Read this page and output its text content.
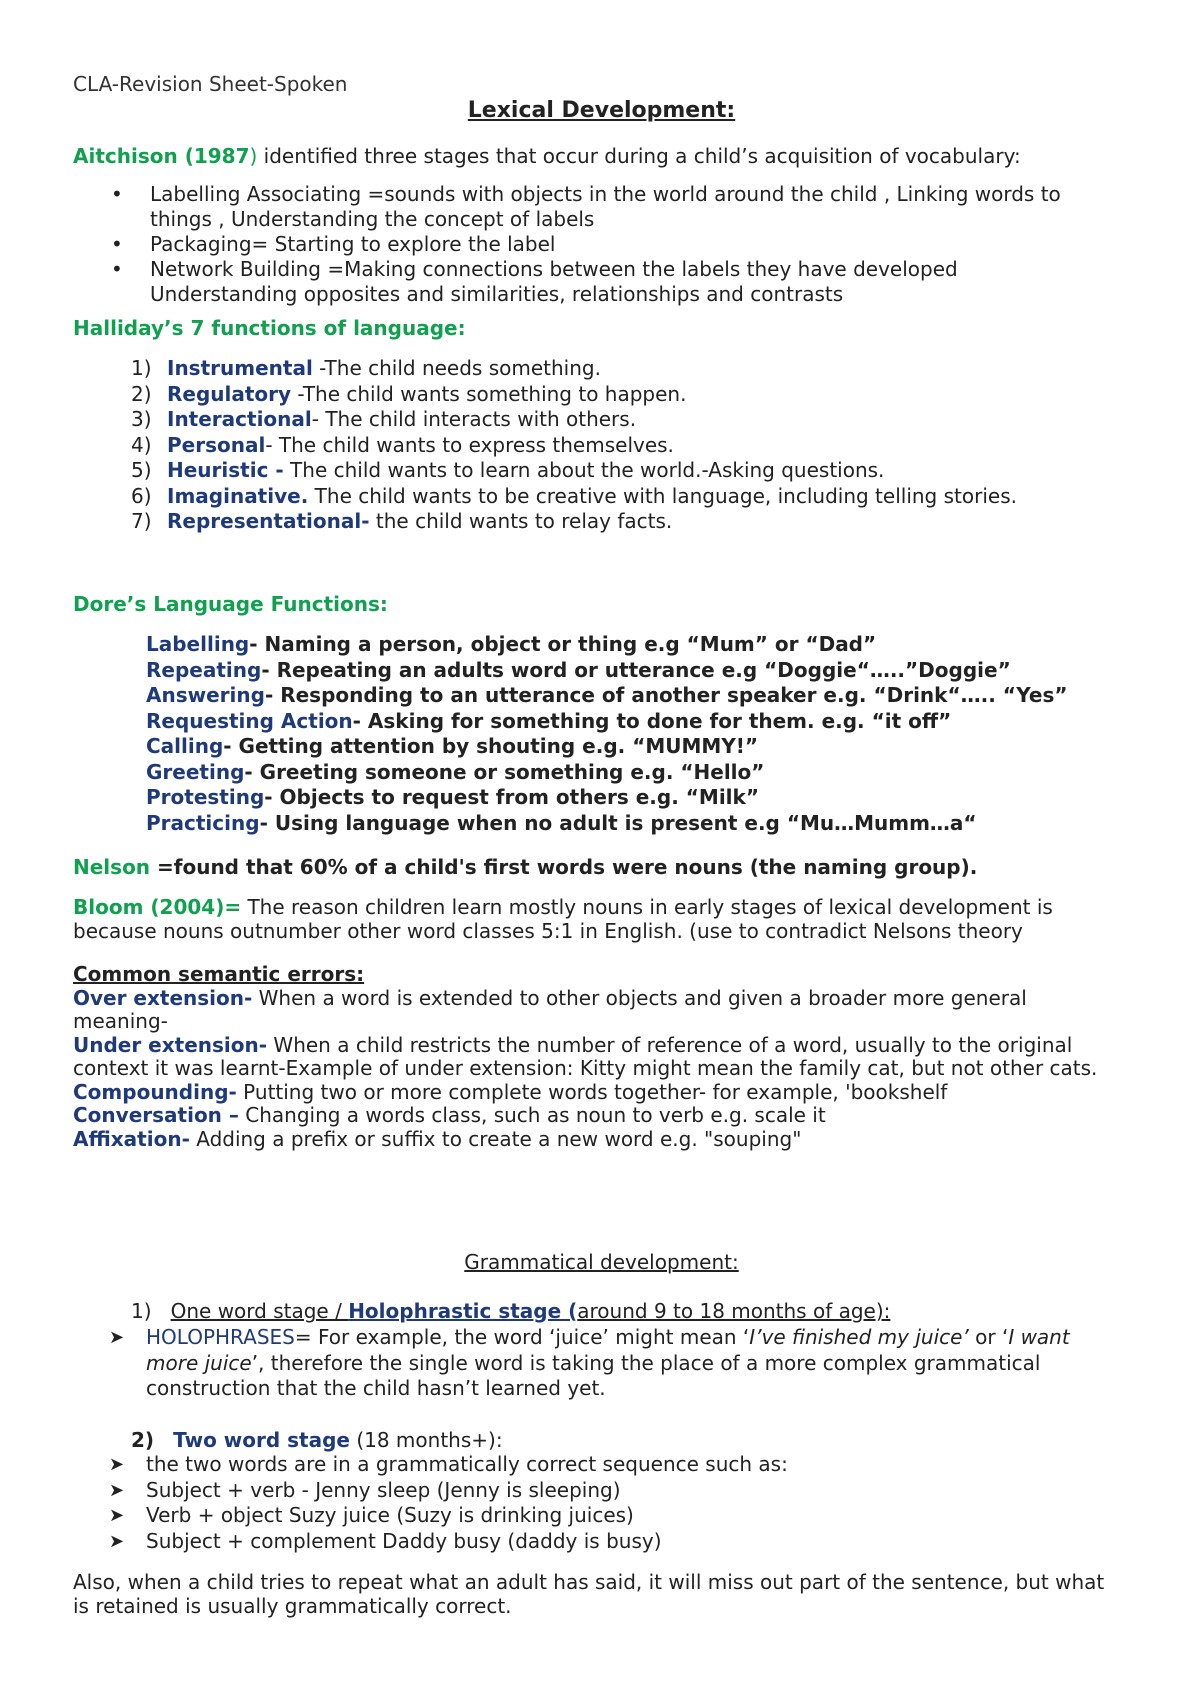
CLA-Revision Sheet-Spoken
Lexical Development:
Aitchison (1987) identified three stages that occur during a child’s acquisition of vocabulary:
• Labelling Associating =sounds with objects in the world around the child , Linking words to
things , Understanding the concept of labels
• Packaging= Starting to explore the label
• Network Building =Making connections between the labels they have developed
Understanding opposites and similarities, relationships and contrasts
Halliday’s 7 functions of language:
1) Instrumental -The child needs something.
2) Regulatory -The child wants something to happen.
3) Interactional- The child interacts with others.
4) Personal- The child wants to express themselves.
5) Heuristic - The child wants to learn about the world.-Asking questions.
6) Imaginative. The child wants to be creative with language, including telling stories.
7) Representational- the child wants to relay facts.
Dore’s Language Functions:
Labelling- Naming a person, object or thing e.g “Mum” or “Dad”
Repeating- Repeating an adults word or utterance e.g “Doggie“…..”Doggie”
Answering- Responding to an utterance of another speaker e.g. “Drink“….. “Yes”
Requesting Action- Asking for something to done for them. e.g. “it off”
Calling- Getting attention by shouting e.g. “MUMMY!”
Greeting- Greeting someone or something e.g. “Hello”
Protesting- Objects to request from others e.g. “Milk”
Practicing- Using language when no adult is present e.g “Mu…Mumm…a“
Nelson =found that 60% of a child's first words were nouns (the naming group).
Bloom (2004)= The reason children learn mostly nouns in early stages of lexical development is
because nouns outnumber other word classes 5:1 in English. (use to contradict Nelsons theory
Common semantic errors:
Over extension- When a word is extended to other objects and given a broader more general
meaning-
Under extension- When a child restricts the number of reference of a word, usually to the original
context it was learnt-Example of under extension: Kitty might mean the family cat, but not other cats.
Compounding- Putting two or more complete words together- for example, 'bookshelf
Conversation – Changing a words class, such as noun to verb e.g. scale it
Affixation- Adding a prefix or suffix to create a new word e.g. "souping"
Grammatical development:
1) One word stage / Holophrastic stage (around 9 to 18 months of age):
➤ HOLOPHRASES= For example, the word ‘juice’ might mean ‘I’ve finished my juice’ or ‘I want
more juice’, therefore the single word is taking the place of a more complex grammatical
construction that the child hasn’t learned yet.
2) Two word stage (18 months+):
➤ the two words are in a grammatically correct sequence such as:
➤ Subject + verb - Jenny sleep (Jenny is sleeping)
➤ Verb + object Suzy juice (Suzy is drinking juices)
➤ Subject + complement Daddy busy (daddy is busy)
Also, when a child tries to repeat what an adult has said, it will miss out part of the sentence, but what
is retained is usually grammatically correct.
